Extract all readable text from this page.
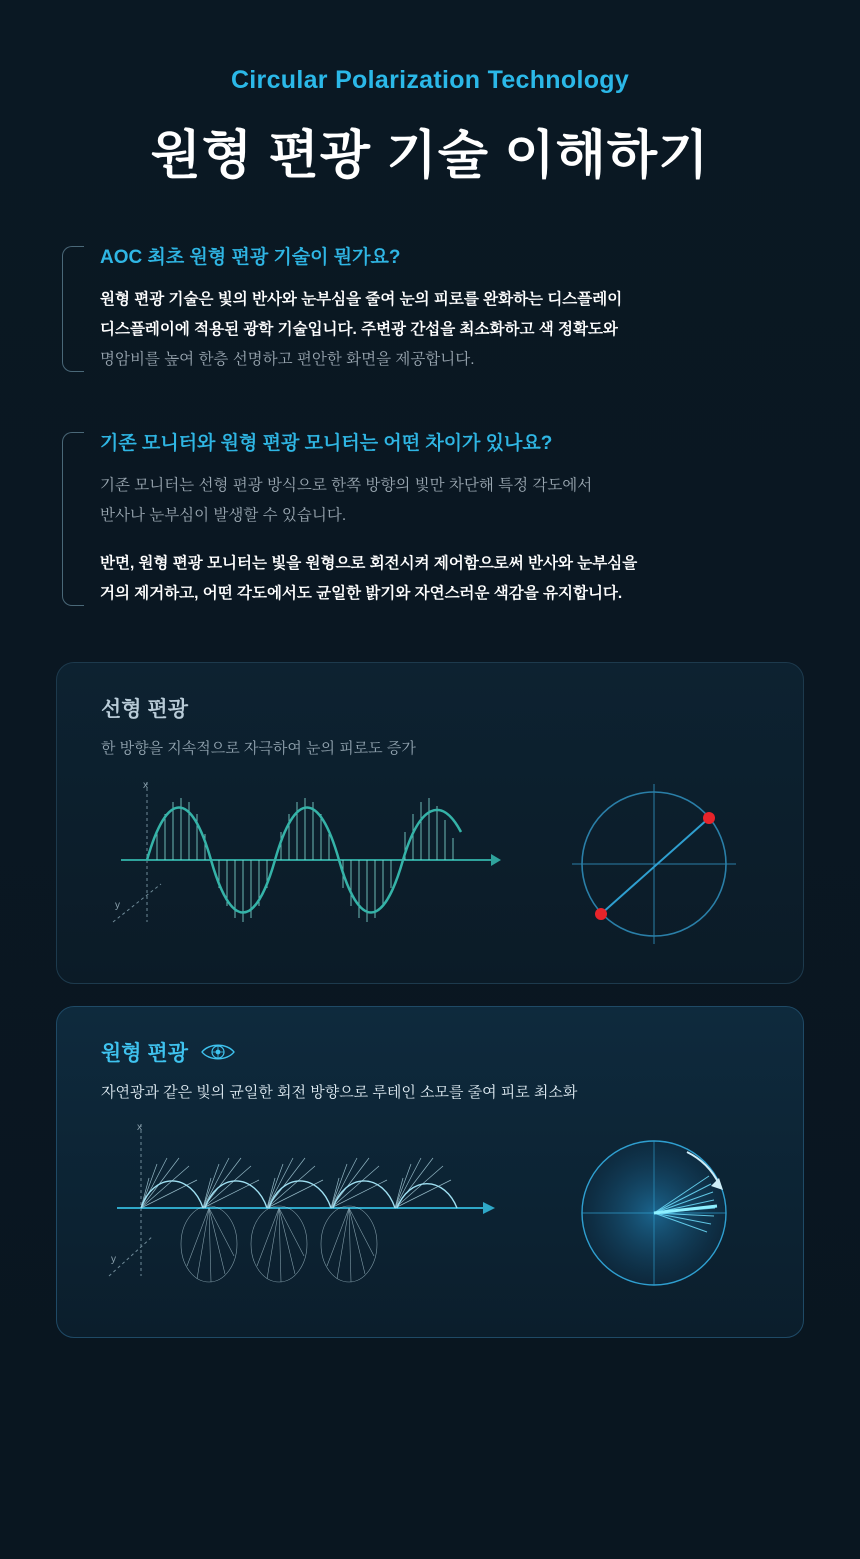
Circular Polarization Technology
원형 편광 기술 이해하기
AOC 최초 원형 편광 기술이 뭔가요?
원형 편광 기술은 빛의 반사와 눈부심을 줄여 눈의 피로를 완화하는 디스플레이
디스플레이에 적용된 광학 기술입니다. 주변광 간섭을 최소화하고 색 정확도와
명암비를 높여 한층 선명하고 편안한 화면을 제공합니다.
기존 모니터와 원형 편광 모니터는 어떤 차이가 있나요?
기존 모니터는 선형 편광 방식으로 한쪽 방향의 빛만 차단해 특정 각도에서
반사나 눈부심이 발생할 수 있습니다.
반면, 원형 편광 모니터는 빛을 원형으로 회전시켜 제어함으로써 반사와 눈부심을
거의 제거하고, 어떤 각도에서도 균일한 밝기와 자연스러운 색감을 유지합니다.
선형 편광
한 방향을 지속적으로 자극하여 눈의 피로도 증가
x
y
원형 편광
자연광과 같은 빛의 균일한 회전 방향으로 루테인 소모를 줄여 피로 최소화
x
y
